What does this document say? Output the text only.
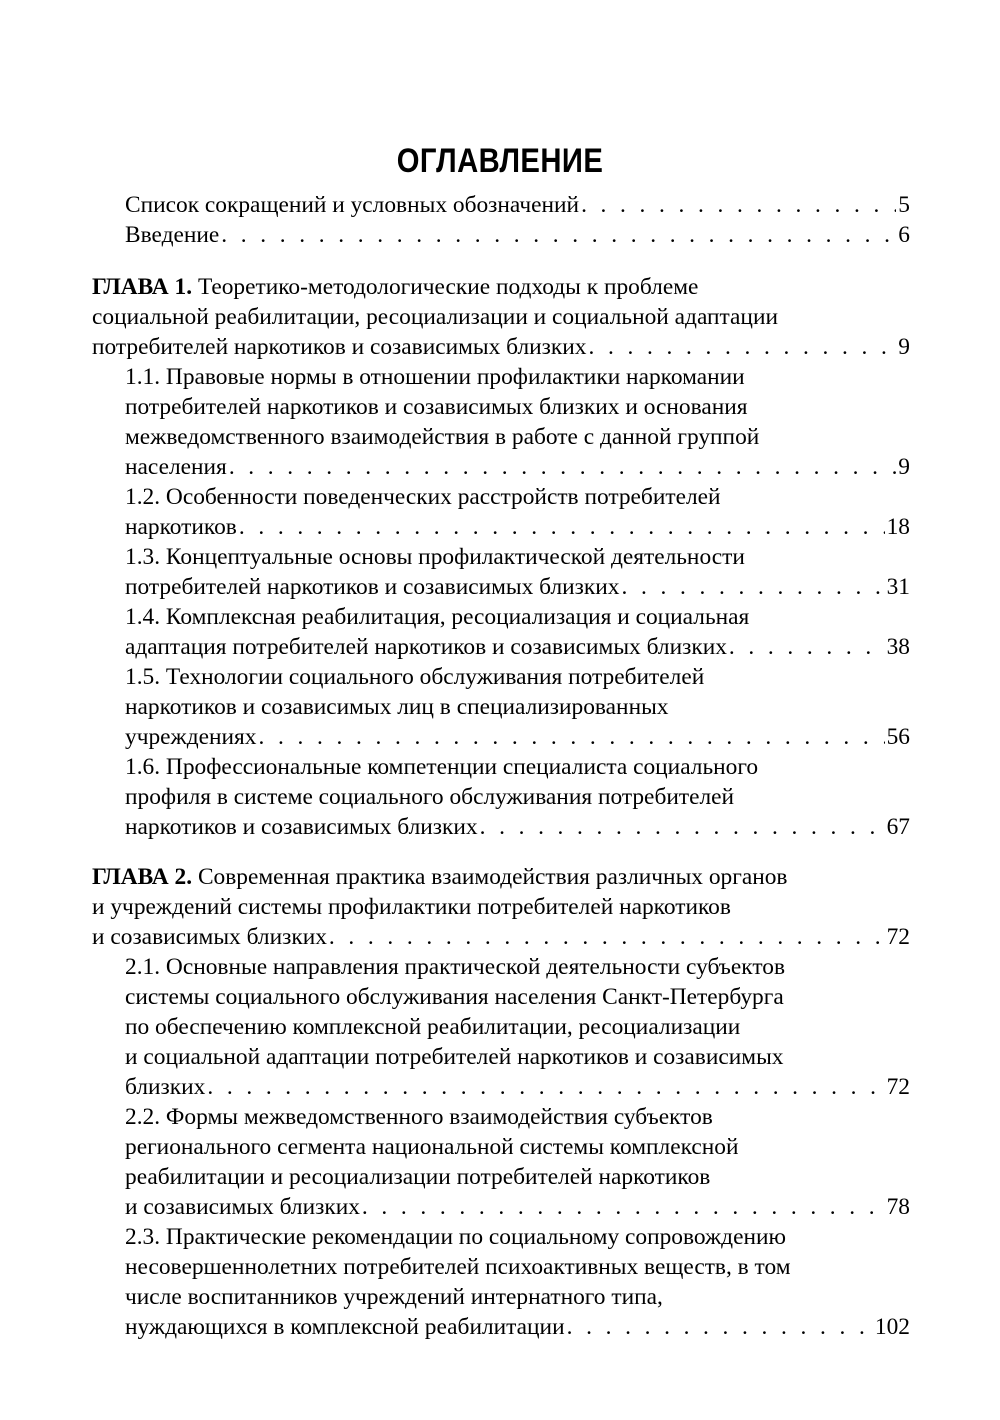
ОГЛАВЛЕНИЕ
Список сокращений и условных обозначений . . .	5
Введение . . .	6
ГЛАВА 1.
Теоретико-методологические подходы к проблеме
социальной реабилитации, ресоциализации и социальной адаптации
потребителей наркотиков и созависимых близких . . .	9
1.1. Правовые нормы в отношении профилактики наркомании
потребителей наркотиков и созависимых близких и основания
межведомственного взаимодействия в работе с данной группой
населения . . .	9
1.2. Особенности поведенческих расстройств потребителей
наркотиков . . .	18
1.3. Концептуальные основы профилактической деятельности
потребителей наркотиков и созависимых близких . . .	31
1.4. Комплексная реабилитация, ресоциализация и социальная
адаптация потребителей наркотиков и созависимых близких . . .	38
1.5. Технологии социального обслуживания потребителей
наркотиков и созависимых лиц в специализированных
учреждениях . . .	56
1.6. Профессиональные компетенции специалиста социального
профиля в системе социального обслуживания потребителей
наркотиков и созависимых близких . . .	67
ГЛАВА 2.
Современная практика взаимодействия различных органов
и учреждений системы профилактики потребителей наркотиков
и созависимых близких . . .	72
2.1. Основные направления практической деятельности субъектов
системы социального обслуживания населения Санкт-Петербурга
по обеспечению комплексной реабилитации, ресоциализации
и социальной адаптации потребителей наркотиков и созависимых
близких . . .	72
2.2. Формы межведомственного взаимодействия субъектов
регионального сегмента национальной системы комплексной
реабилитации и ресоциализации потребителей наркотиков
и созависимых близких . . .	78
2.3. Практические рекомендации по социальному сопровождению
несовершеннолетних потребителей психоактивных веществ, в том
числе воспитанников учреждений интернатного типа,
нуждающихся в комплексной реабилитации . . .	102
